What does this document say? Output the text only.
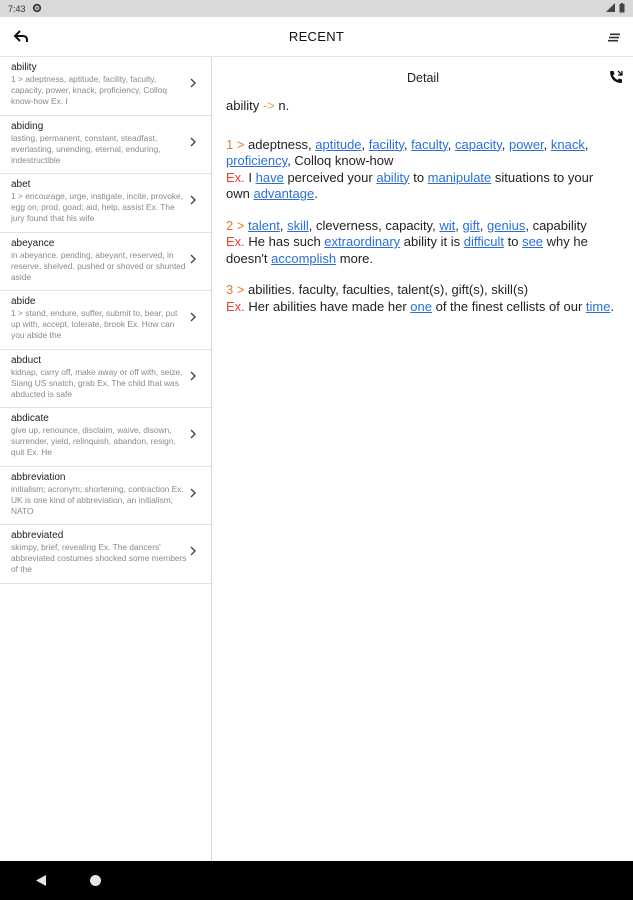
7:43
RECENT
ability
1 > adeptness, aptitude, facility, faculty, capacity, power, knack, proficiency, Colloq know-how Ex. I
abiding
lasting, permanent, constant, steadfast, everlasting, unending, eternal, enduring, indestructible
abet
1 > encourage, urge, instigate, incite, provoke, egg on, prod, goad; aid, help, assist Ex. The jury found that his wife
abeyance
in abeyance. pending, abeyant, reserved, in reserve, shelved, pushed or shoved or shunted aside
abide
1 > stand, endure, suffer, submit to, bear, put up with, accept, tolerate, brook Ex. How can you abide the
abduct
kidnap, carry off, make away or off with, seize, Slang US snatch, grab Ex. The child that was abducted is safe
abdicate
give up, renounce, disclaim, waive, disown, surrender, yield, relinquish, abandon, resign, quit Ex. He
abbreviation
initialism; acronym; shortening, contraction Ex. UK is one kind of abbreviation, an initialism; NATO
abbreviated
skimpy, brief, revealing Ex. The dancers' abbreviated costumes shocked some members of the
Detail
ability -> n.
1 > adeptness, aptitude, facility, faculty, capacity, power, knack, proficiency, Colloq know-how
Ex. I have perceived your ability to manipulate situations to your own advantage.
2 > talent, skill, cleverness, capacity, wit, gift, genius, capability
Ex. He has such extraordinary ability it is difficult to see why he doesn't accomplish more.
3 > abilities. faculty, faculties, talent(s), gift(s), skill(s)
Ex. Her abilities have made her one of the finest cellists of our time.
